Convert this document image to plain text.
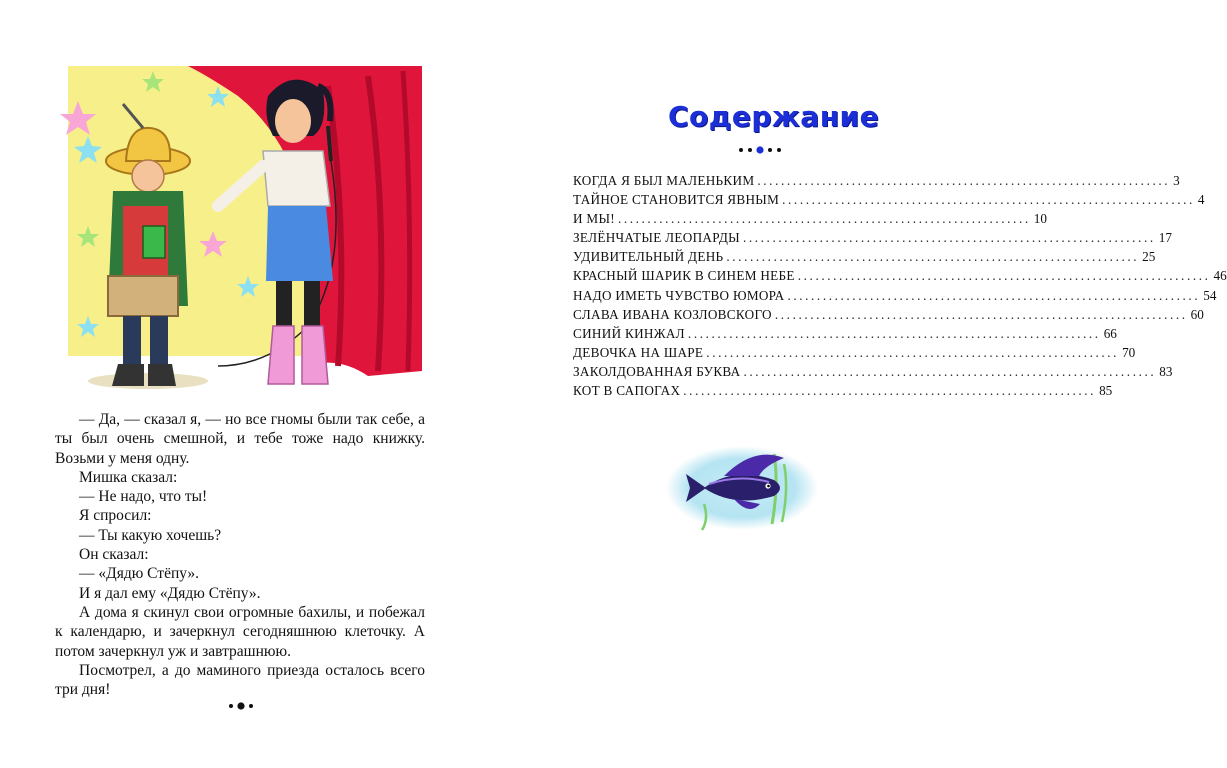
— Да, — сказал я, — но все гномы были так себе, а ты был очень смешной, и тебе тоже надо книжку. Возьми у меня одну.

Мишка сказал:

— Не надо, что ты!

Я спросил:

— Ты какую хочешь?

Он сказал:

— «Дядю Стёпу».

И я дал ему «Дядю Стёпу».

А дома я скинул свои огромные бахилы, и побежал к календарю, и зачеркнул сегодняшнюю клеточку. А потом зачеркнул уж и завтрашнюю.

Посмотрел, а до маминого приезда осталось всего три дня!

Содержание
КОГДА Я БЫЛ МАЛЕНЬКИМ ...................................................................... 3
ТАЙНОЕ СТАНОВИТСЯ ЯВНЫМ ...................................................................... 4
И МЫ! ...................................................................... 10
ЗЕЛЁНЧАТЫЕ ЛЕОПАРДЫ ...................................................................... 17
УДИВИТЕЛЬНЫЙ ДЕНЬ ...................................................................... 25
КРАСНЫЙ ШАРИК В СИНЕМ НЕБЕ ...................................................................... 46
НАДО ИМЕТЬ ЧУВСТВО ЮМОРА ...................................................................... 54
СЛАВА ИВАНА КОЗЛОВСКОГО ...................................................................... 60
СИНИЙ КИНЖАЛ ...................................................................... 66
ДЕВОЧКА НА ШАРЕ ...................................................................... 70
ЗАКОЛДОВАННАЯ БУКВА ...................................................................... 83
КОТ В САПОГАХ ...................................................................... 85
